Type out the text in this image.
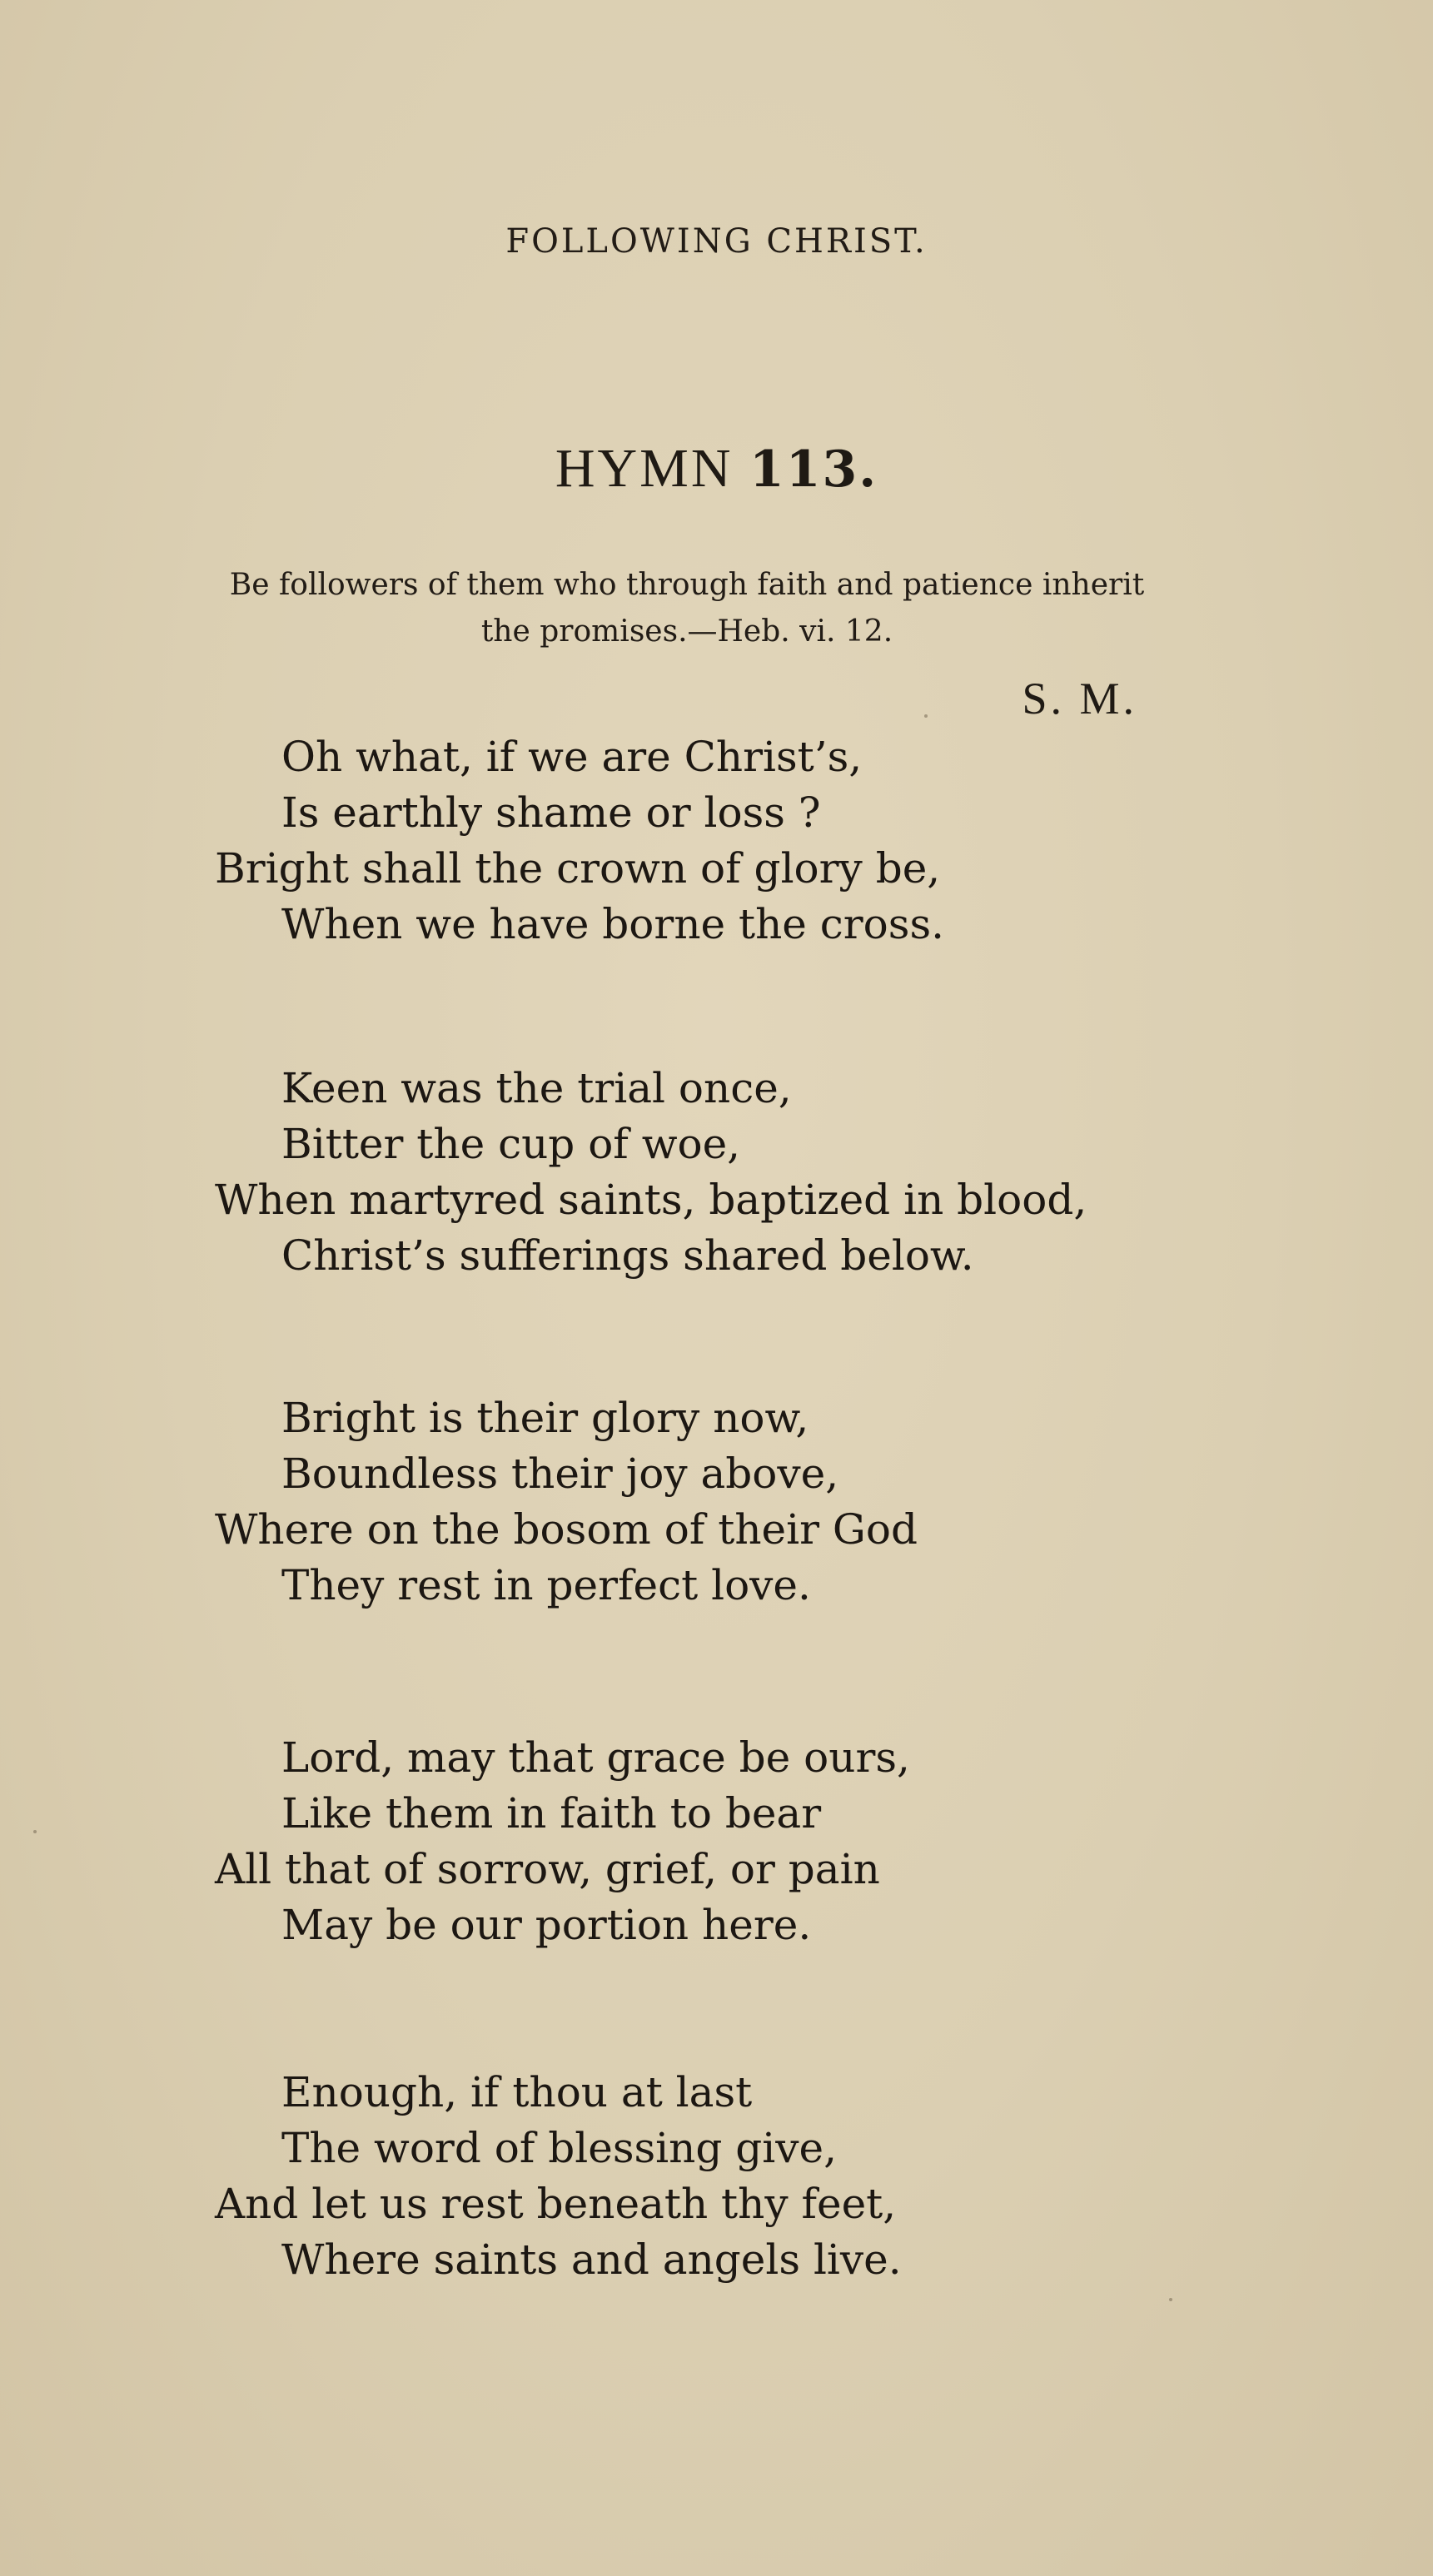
FOLLOWING CHRIST.
HYMN 113.
Be followers of them who through faith and patience inherit
the promises.—Heb. vi. 12.
S. M.
Oh what, if we are Christ’s,
Is earthly shame or loss ?
Bright shall the crown of glory be,
When we have borne the cross.
Keen was the trial once,
Bitter the cup of woe,
When martyred saints, baptized in blood,
Christ’s sufferings shared below.
Bright is their glory now,
Boundless their joy above,
Where on the bosom of their God
They rest in perfect love.
Lord, may that grace be ours,
Like them in faith to bear
All that of sorrow, grief, or pain
May be our portion here.
Enough, if thou at last
The word of blessing give,
And let us rest beneath thy feet,
Where saints and angels live.
